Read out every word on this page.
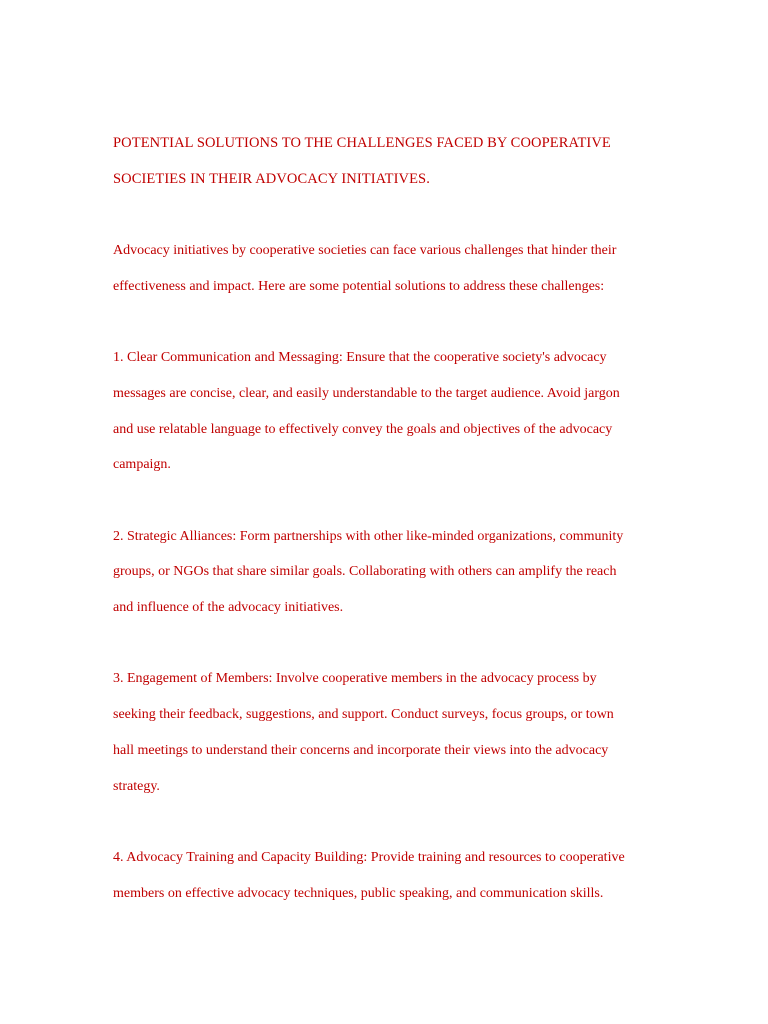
POTENTIAL SOLUTIONS TO THE CHALLENGES FACED BY COOPERATIVE

SOCIETIES IN THEIR ADVOCACY INITIATIVES.

Advocacy initiatives by cooperative societies can face various challenges that hinder their
effectiveness and impact. Here are some potential solutions to address these challenges:
1. Clear Communication and Messaging: Ensure that the cooperative society's advocacy
messages are concise, clear, and easily understandable to the target audience. Avoid jargon
and use relatable language to effectively convey the goals and objectives of the advocacy
campaign.
2. Strategic Alliances: Form partnerships with other like-minded organizations, community
groups, or NGOs that share similar goals. Collaborating with others can amplify the reach
and influence of the advocacy initiatives.
3. Engagement of Members: Involve cooperative members in the advocacy process by
seeking their feedback, suggestions, and support. Conduct surveys, focus groups, or town
hall meetings to understand their concerns and incorporate their views into the advocacy
strategy.
4. Advocacy Training and Capacity Building: Provide training and resources to cooperative
members on effective advocacy techniques, public speaking, and communication skills.
